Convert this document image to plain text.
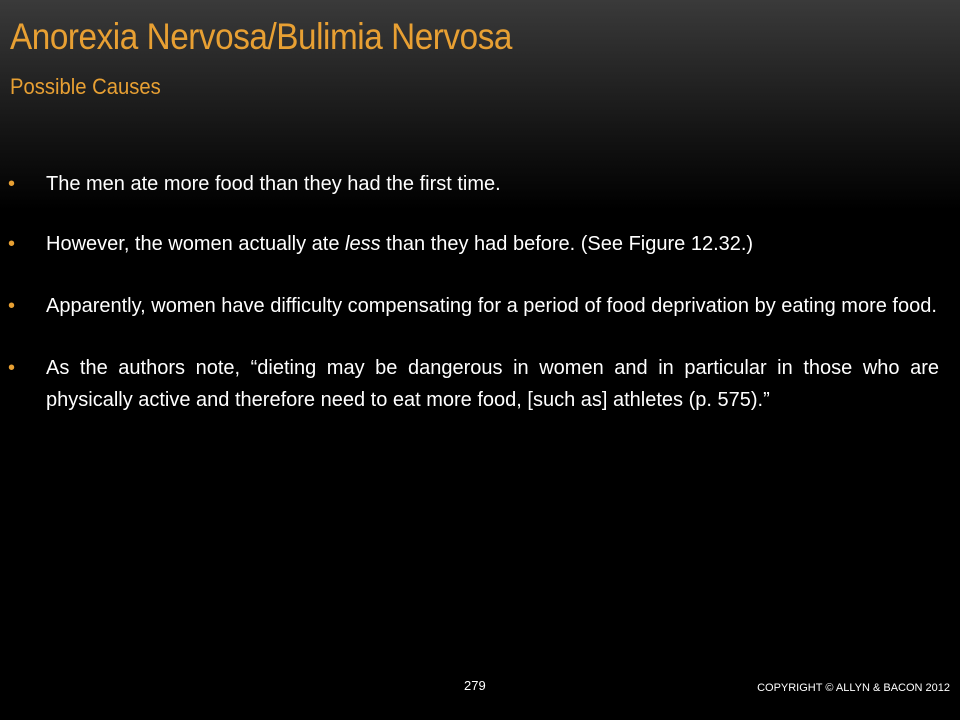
Anorexia Nervosa/Bulimia Nervosa
Possible Causes
• The men ate more food than they had the first time.
• However, the women actually ate less than they had before. (See Figure 12.32.)
• Apparently, women have difficulty compensating for a period of food deprivation by eating more food.
• As the authors note, “dieting may be dangerous in women and in particular in those who are physically active and therefore need to eat more food, [such as] athletes (p. 575).”
279	COPYRIGHT © ALLYN & BACON 2012
